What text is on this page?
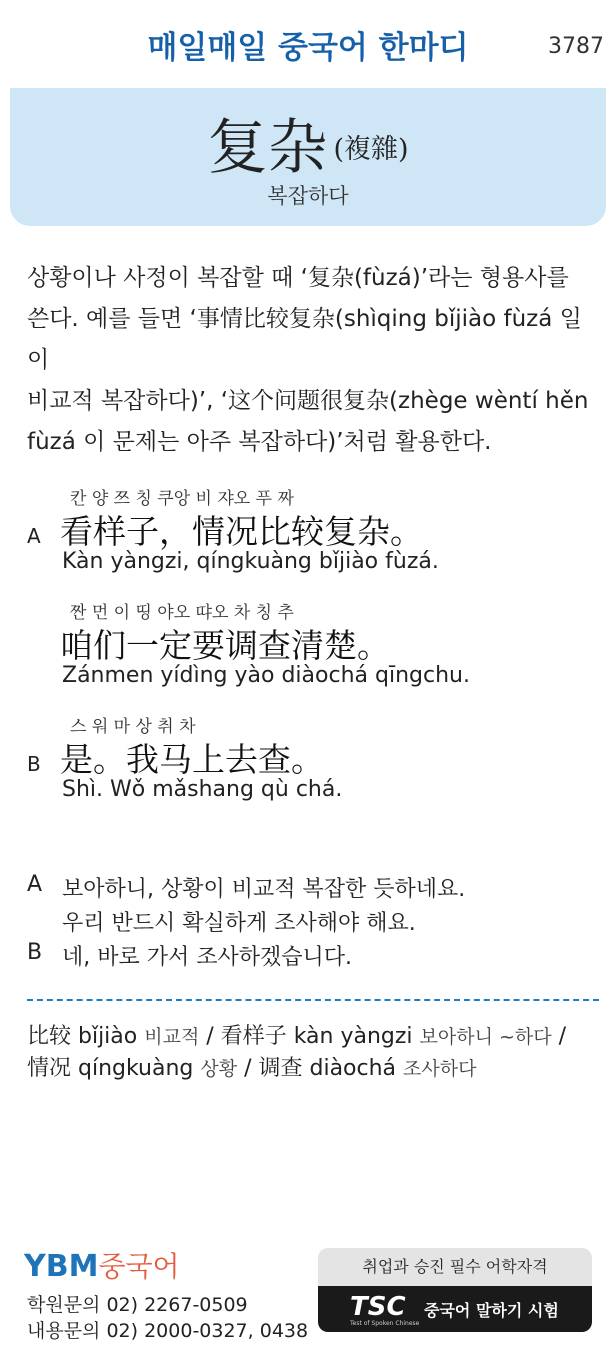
매일매일 중국어 한마디	3787
复杂 (複雜)
복잡하다
상황이나 사정이 복잡할 때 ‘复杂(fùzá)’라는 형용사를
쓴다. 예를 들면 ‘事情比较复杂(shìqing bǐjiào fùzá 일이
비교적 복잡하다)’, ‘这个问题很复杂(zhège wèntí hěn
fùzá 이 문제는 아주 복잡하다)’처럼 활용한다.
칸 양 쯔 칭 쿠앙 비 쟈오 푸 짜
A 看样子，情况比较复杂。
Kàn yàngzi, qíngkuàng bǐjiào fùzá.
짠 먼 이 띵 야오 땨오 차 칭 추
咱们一定要调查清楚。
Zánmen yídìng yào diàochá qīngchu.
스 워 마 상 취 차
B 是。我马上去查。
Shì. Wǒ mǎshang qù chá.
A 보아하니, 상황이 비교적 복잡한 듯하네요.
우리 반드시 확실하게 조사해야 해요.
B 네, 바로 가서 조사하겠습니다.
比较 bǐjiào 비교적 / 看样子 kàn yàngzi 보아하니 ~하다 /
情况 qíngkuàng 상황 / 调查 diàochá 조사하다
YBM중국어
학원문의 02) 2267-0509
내용문의 02) 2000-0327, 0438
취업과 승진 필수 어학자격
TSC
Test of Spoken Chinese
중국어 말하기 시험
